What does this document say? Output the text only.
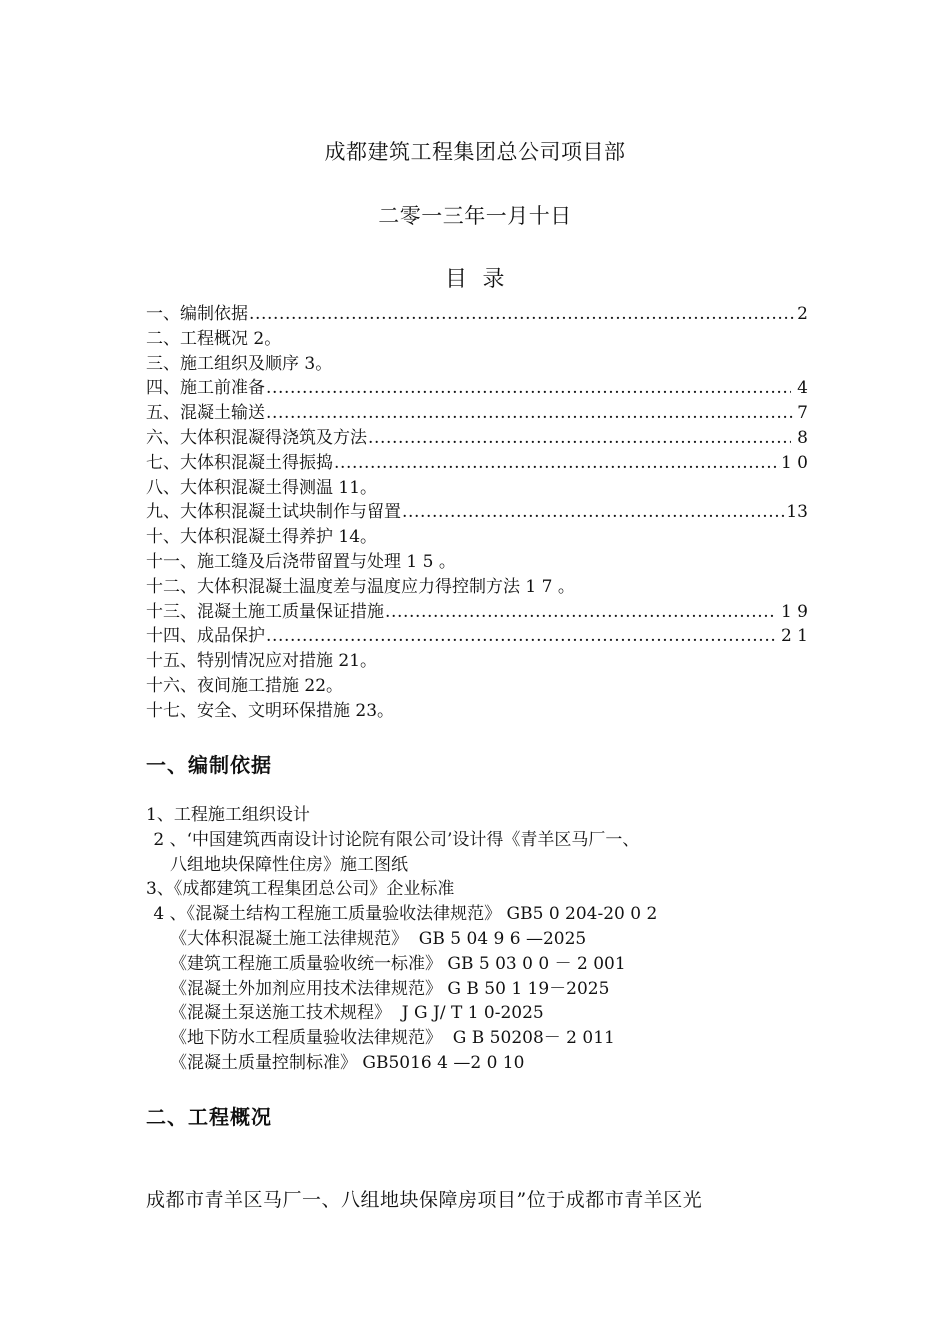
成都建筑工程集团总公司项目部
二零一三年一月十日
目  录
一、编制依据 .....	2
二、工程概况 2。
三、施工组织及顺序 3。
四、施工前准备 .....	4
五、混凝土输送 .....	7
六、大体积混凝得浇筑及方法 .....	8
七、大体积混凝土得振捣 .....	1 0
八、大体积混凝土得测温 11。
九、大体积混凝土试块制作与留置 .....	13
十、大体积混凝土得养护 14。
十一、施工缝及后浇带留置与处理 1 5 。
十二、大体积混凝土温度差与温度应力得控制方法 1 7 。
十三、混凝土施工质量保证措施 .....	1 9
十四、成品保护 .....	2 1
十五、特别情况应对措施 21。
十六、夜间施工措施 22。
十七、安全、文明环保措施 23。
一、编制依据
1、工程施工组织设计
2 、‘中国建筑西南设计讨论院有限公司’设计得《青羊区马厂一、
八组地块保障性住房》施工图纸
3、《成都建筑工程集团总公司》企业标准
4 、《混凝土结构工程施工质量验收法律规范》 GB5 0 204-20 0 2
《大体积混凝土施工法律规范》  GB 5 04 9 6 —2025
《建筑工程施工质量验收统一标准》 GB 5 03 0 0 － 2 001
《混凝土外加剂应用技术法律规范》 G B 50 1 19－2025
《混凝土泵送施工技术规程》  J G J/ T 1 0-2025
《地下防水工程质量验收法律规范》  G B 50208－ 2 011
《混凝土质量控制标准》 GB5016 4 —2 0 10
二、工程概况
成都市青羊区马厂一、八组地块保障房项目”位于成都市青羊区光
